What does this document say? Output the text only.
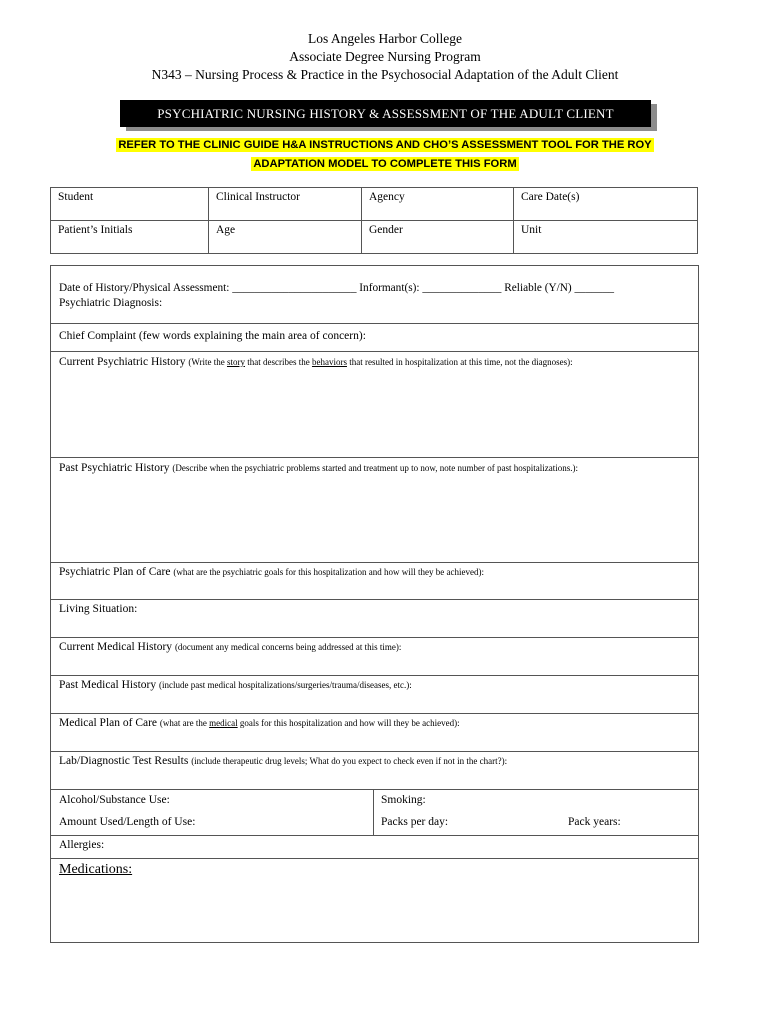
Los Angeles Harbor College
Associate Degree Nursing Program
N343 – Nursing Process & Practice in the Psychosocial Adaptation of the Adult Client
PSYCHIATRIC NURSING HISTORY & ASSESSMENT OF THE ADULT CLIENT
REFER TO THE CLINIC GUIDE H&A INSTRUCTIONS AND CHO’S ASSESSMENT TOOL FOR THE ROY
ADAPTATION MODEL TO COMPLETE THIS FORM
Student	Clinical Instructor	Agency	Care Date(s)
Patient’s Initials	Age	Gender	Unit
Date of History/Physical Assessment: ______________________ Informant(s): ______________ Reliable (Y/N) _______
Psychiatric Diagnosis:
Chief Complaint (few words explaining the main area of concern):
Current Psychiatric History (Write the story that describes the behaviors that resulted in hospitalization at this time, not the diagnoses):
Past Psychiatric History (Describe when the psychiatric problems started and treatment up to now, note number of past hospitalizations.):
Psychiatric Plan of Care (what are the psychiatric goals for this hospitalization and how will they be achieved):
Living Situation:
Current Medical History (document any medical concerns being addressed at this time):
Past Medical History (include past medical hospitalizations/surgeries/trauma/diseases, etc.):
Medical Plan of Care (what are the medical goals for this hospitalization and how will they be achieved):
Lab/Diagnostic Test Results (include therapeutic drug levels; What do you expect to check even if not in the chart?):
Alcohol/Substance Use:
Amount Used/Length of Use:
Smoking:
Packs per day:	Pack years:
Allergies:
Medications:
